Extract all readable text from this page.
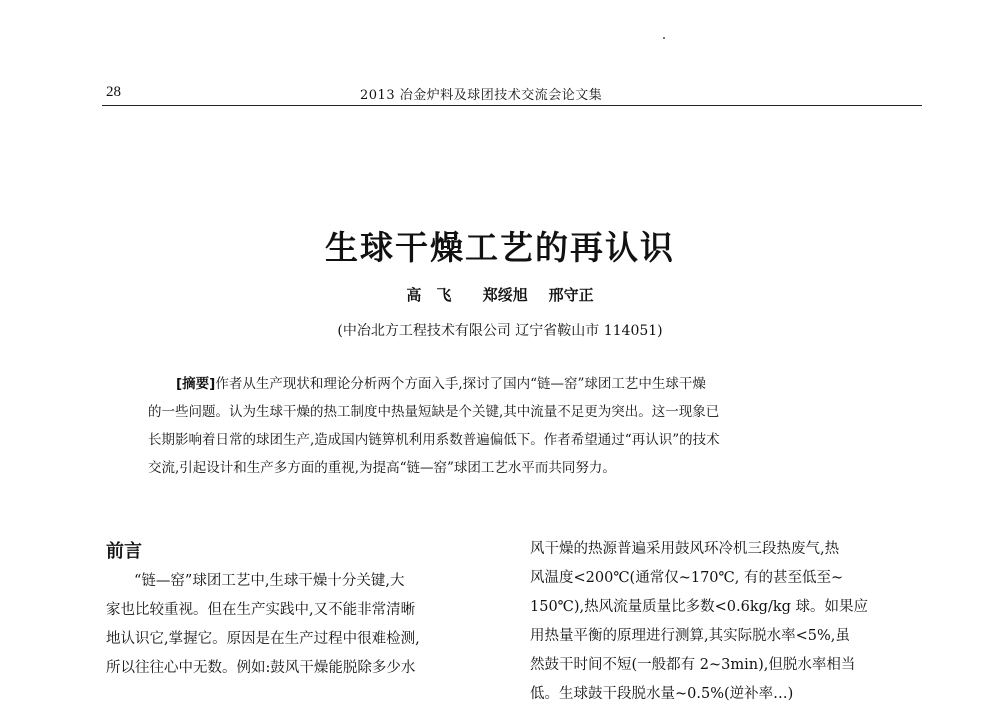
28	2013 冶金炉料及球团技术交流会论文集
生球干燥工艺的再认识
高　飞 郑绥旭 邢守正
(中冶北方工程技术有限公司 辽宁省鞍山市 114051)
[摘要]作者从生产现状和理论分析两个方面入手,探讨了国内“链—窑”球团工艺中生球干燥
的一些问题。认为生球干燥的热工制度中热量短缺是个关键,其中流量不足更为突出。这一现象已
长期影响着日常的球团生产,造成国内链箅机利用系数普遍偏低下。作者希望通过“再认识”的技术
交流,引起设计和生产多方面的重视,为提高“链—窑”球团工艺水平而共同努力。
前言
“链—窑”球团工艺中,生球干燥十分关键,大
家也比较重视。但在生产实践中,又不能非常清晰
地认识它,掌握它。原因是在生产过程中很难检测,
所以往往心中无数。例如:鼓风干燥能脱除多少水
风干燥的热源普遍采用鼓风环冷机三段热废气,热
风温度<200℃(通常仅~170℃, 有的甚至低至~
150℃),热风流量质量比多数<0.6kg/kg 球。如果应
用热量平衡的原理进行测算,其实际脱水率<5%,虽
然鼓干时间不短(一般都有 2~3min),但脱水率相当
低。生球鼓干段脱水量~0.5%(逆补率…)
